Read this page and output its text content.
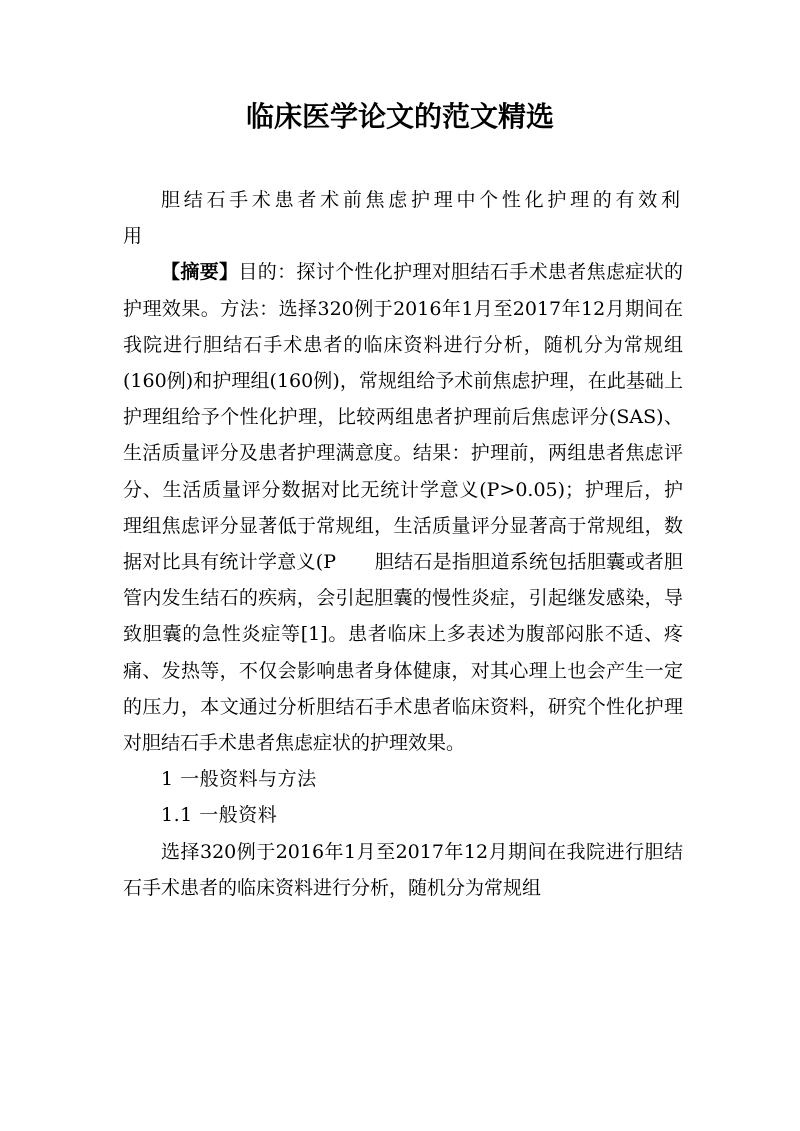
临床医学论文的范文精选

胆结石手术患者术前焦虑护理中个性化护理的有效利用

【摘要】目的：探讨个性化护理对胆结石手术患者焦虑症状的护理效果。方法：选择320例于2016年1月至2017年12月期间在我院进行胆结石手术患者的临床资料进行分析，随机分为常规组(160例)和护理组(160例)，常规组给予术前焦虑护理，在此基础上护理组给予个性化护理，比较两组患者护理前后焦虑评分(SAS)、生活质量评分及患者护理满意度。结果：护理前，两组患者焦虑评分、生活质量评分数据对比无统计学意义(P>0.05)；护理后，护理组焦虑评分显著低于常规组，生活质量评分显著高于常规组，数据对比具有统计学意义(P　　胆结石是指胆道系统包括胆囊或者胆管内发生结石的疾病，会引起胆囊的慢性炎症，引起继发感染，导致胆囊的急性炎症等[1]。患者临床上多表述为腹部闷胀不适、疼痛、发热等，不仅会影响患者身体健康，对其心理上也会产生一定的压力，本文通过分析胆结石手术患者临床资料，研究个性化护理对胆结石手术患者焦虑症状的护理效果。

1 一般资料与方法

1.1 一般资料

选择320例于2016年1月至2017年12月期间在我院进行胆结石手术患者的临床资料进行分析，随机分为常规组
